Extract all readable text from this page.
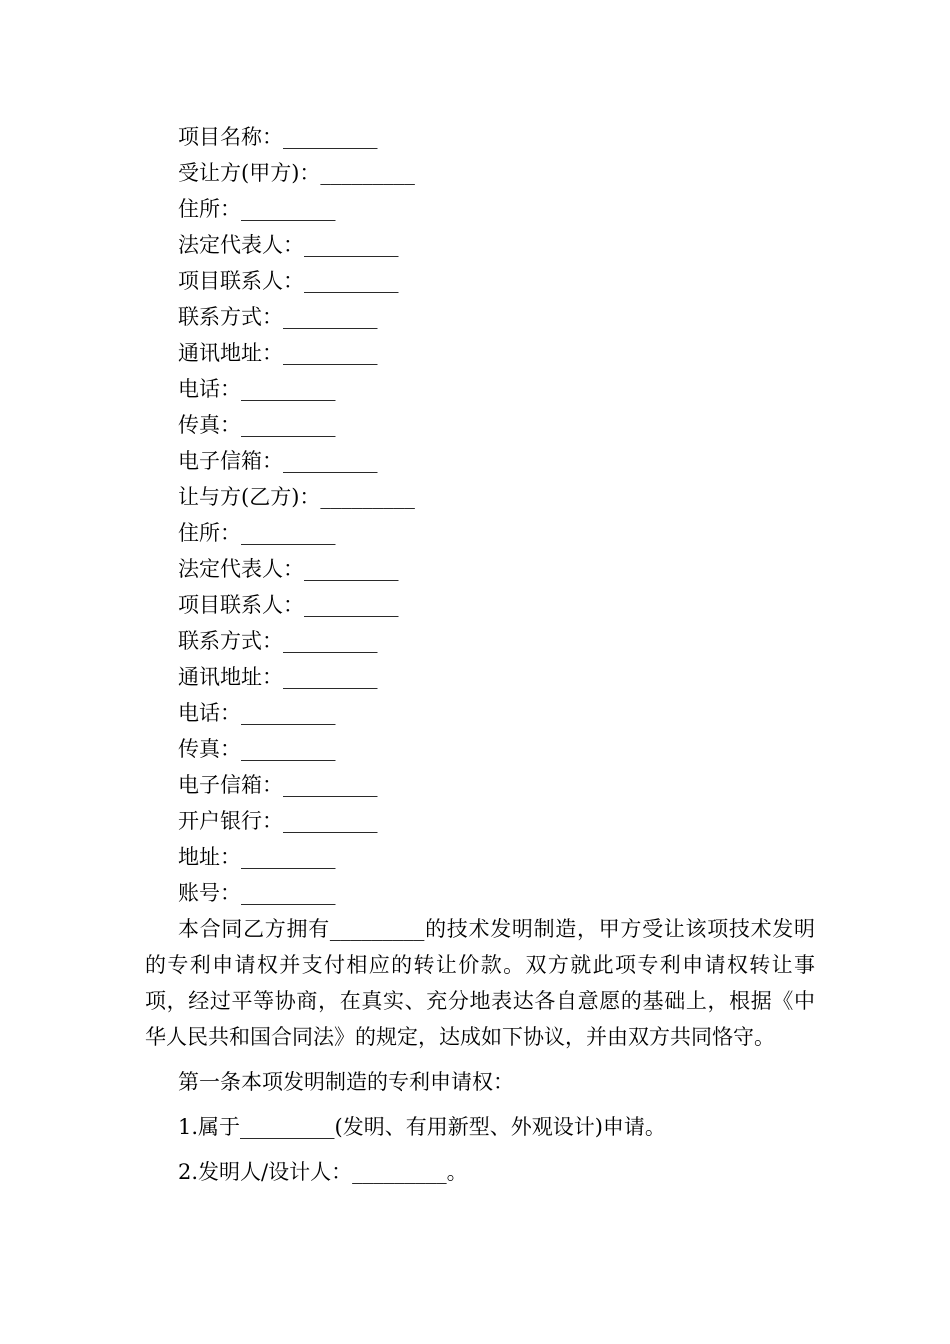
项目名称：_________
受让方(甲方)：_________
住所：_________
法定代表人：_________
项目联系人：_________
联系方式：_________
通讯地址：_________
电话：_________
传真：_________
电子信箱：_________
让与方(乙方)：_________
住所：_________
法定代表人：_________
项目联系人：_________
联系方式：_________
通讯地址：_________
电话：_________
传真：_________
电子信箱：_________
开户银行：_________
地址：_________
账号：_________

本合同乙方拥有_________的技术发明制造，甲方受让该项技术发明的专利申请权并支付相应的转让价款。双方就此项专利申请权转让事项，经过平等协商，在真实、充分地表达各自意愿的基础上，根据《中华人民共和国合同法》的规定，达成如下协议，并由双方共同恪守。

第一条本项发明制造的专利申请权：
1.属于_________(发明、有用新型、外观设计)申请。
2.发明人/设计人：_________。
